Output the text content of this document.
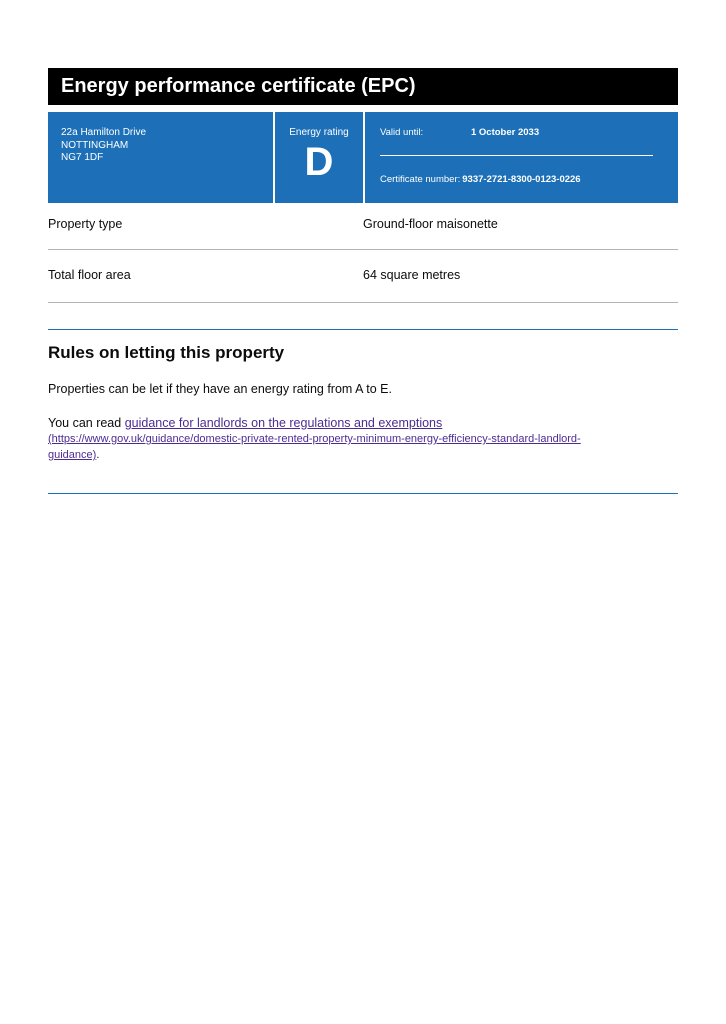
Energy performance certificate (EPC)
22a Hamilton Drive
NOTTINGHAM
NG7 1DF
Energy rating
D
Valid until:	1 October 2033
Certificate number: 9337-2721-8300-0123-0226
Property type	Ground-floor maisonette
Total floor area	64 square metres
Rules on letting this property
Properties can be let if they have an energy rating from A to E.
You can read guidance for landlords on the regulations and exemptions
(https://www.gov.uk/guidance/domestic-private-rented-property-minimum-energy-efficiency-standard-landlord-
guidance).
